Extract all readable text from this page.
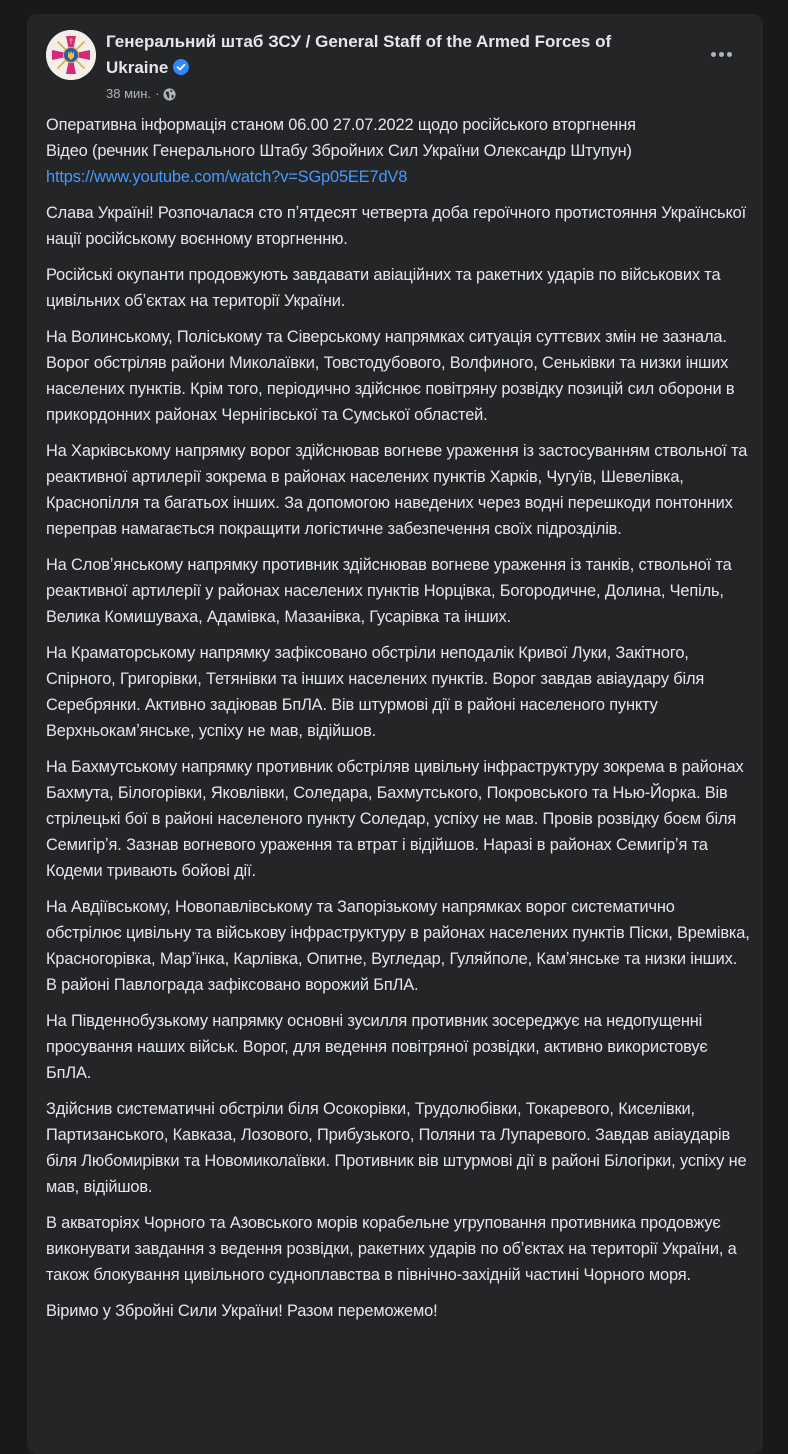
Генеральний штаб ЗСУ / General Staff of the Armed Forces of Ukraine
38 мин. ·

Оперативна інформація станом 06.00 27.07.2022 щодо російського вторгнення
Відео (речник Генерального Штабу Збройних Сил України Олександр Штупун)
https://www.youtube.com/watch?v=SGp05EE7dV8

Слава Україні! Розпочалася сто пʼятдесят четверта доба героїчного протистояння Української нації російському воєнному вторгненню.

Російські окупанти продовжують завдавати авіаційних та ракетних ударів по військових та цивільних обʼєктах на території України.

На Волинському, Поліському та Сіверському напрямках ситуація суттєвих змін не зазнала. Ворог обстріляв райони Миколаївки, Товстодубового, Волфиного, Сеньківки та низки інших населених пунктів. Крім того, періодично здійснює повітряну розвідку позицій сил оборони в прикордонних районах Чернігівської та Сумської областей.

На Харківському напрямку ворог здійснював вогневе ураження із застосуванням ствольної та реактивної артилерії зокрема в районах населених пунктів Харків, Чугуїв, Шевелівка, Краснопілля та багатьох інших. За допомогою наведених через водні перешкоди понтонних переправ намагається покращити логістичне забезпечення своїх підрозділів.

На Словʼянському напрямку противник здійснював вогневе ураження із танків, ствольної та реактивної артилерії у районах населених пунктів Норцівка, Богородичне, Долина, Чепіль, Велика Комишуваха, Адамівка, Мазанівка, Гусарівка та інших.

На Краматорському напрямку зафіксовано обстріли неподалік Кривої Луки, Закітного, Спірного, Григорівки, Тетянівки та інших населених пунктів. Ворог завдав авіаудару біля Серебрянки. Активно задіював БпЛА. Вів штурмові дії в районі населеного пункту Верхньокамʼянське, успіху не мав, відійшов.

На Бахмутському напрямку противник обстріляв цивільну інфраструктуру зокрема в районах Бахмута, Білогорівки, Яковлівки, Соледара, Бахмутського, Покровського та Нью-Йорка. Вів стрілецькі бої в районі населеного пункту Соледар, успіху не мав. Провів розвідку боєм біля Семигірʼя. Зазнав вогневого ураження та втрат і відійшов. Наразі в районах Семигірʼя та Кодеми тривають бойові дії.

На Авдіївському, Новопавлівському та Запорізькому напрямках ворог систематично обстрілює цивільну та військову інфраструктуру в районах населених пунктів Піски, Времівка, Красногорівка, Марʼїнка, Карлівка, Опитне, Вугледар, Гуляйполе, Камʼянське та низки інших. В районі Павлограда зафіксовано ворожий БпЛА.

На Південнобузькому напрямку основні зусилля противник зосереджує на недопущенні просування наших військ. Ворог, для ведення повітряної розвідки, активно використовує БпЛА.

Здійснив систематичні обстріли біля Осокорівки, Трудолюбівки, Токаревого, Киселівки, Партизанського, Кавказа, Лозового, Прибузького, Поляни та Лупаревого. Завдав авіаударів біля Любомирівки та Новомиколаївки. Противник вів штурмові дії в районі Білогірки, успіху не мав, відійшов.

В акваторіях Чорного та Азовського морів корабельне угруповання противника продовжує виконувати завдання з ведення розвідки, ракетних ударів по обʼєктах на території України, а також блокування цивільного судноплавства в північно-західній частині Чорного моря.

Віримо у Збройні Сили України! Разом переможемо!
